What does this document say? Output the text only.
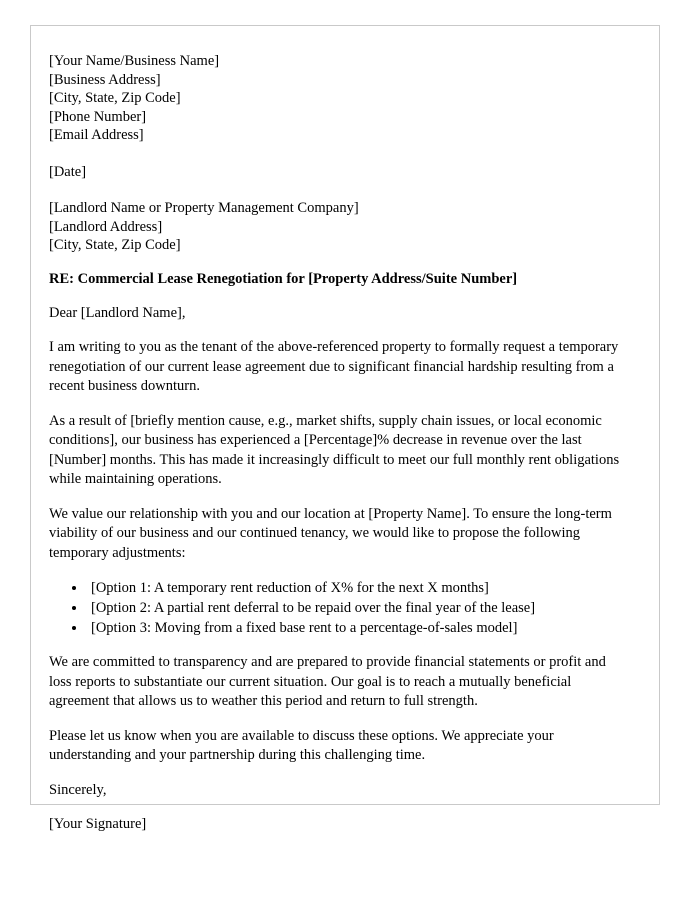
[Your Name/Business Name]
[Business Address]
[City, State, Zip Code]
[Phone Number]
[Email Address]
[Date]
[Landlord Name or Property Management Company]
[Landlord Address]
[City, State, Zip Code]
RE: Commercial Lease Renegotiation for [Property Address/Suite Number]
Dear [Landlord Name],

I am writing to you as the tenant of the above-referenced property to formally request a temporary renegotiation of our current lease agreement due to significant financial hardship resulting from a recent business downturn.

As a result of [briefly mention cause, e.g., market shifts, supply chain issues, or local economic conditions], our business has experienced a [Percentage]% decrease in revenue over the last [Number] months. This has made it increasingly difficult to meet our full monthly rent obligations while maintaining operations.

We value our relationship with you and our location at [Property Name]. To ensure the long-term viability of our business and our continued tenancy, we would like to propose the following temporary adjustments:

• [Option 1: A temporary rent reduction of X% for the next X months]
• [Option 2: A partial rent deferral to be repaid over the final year of the lease]
• [Option 3: Moving from a fixed base rent to a percentage-of-sales model]

We are committed to transparency and are prepared to provide financial statements or profit and loss reports to substantiate our current situation. Our goal is to reach a mutually beneficial agreement that allows us to weather this period and return to full strength.

Please let us know when you are available to discuss these options. We appreciate your understanding and your partnership during this challenging time.

Sincerely,
[Your Signature]
